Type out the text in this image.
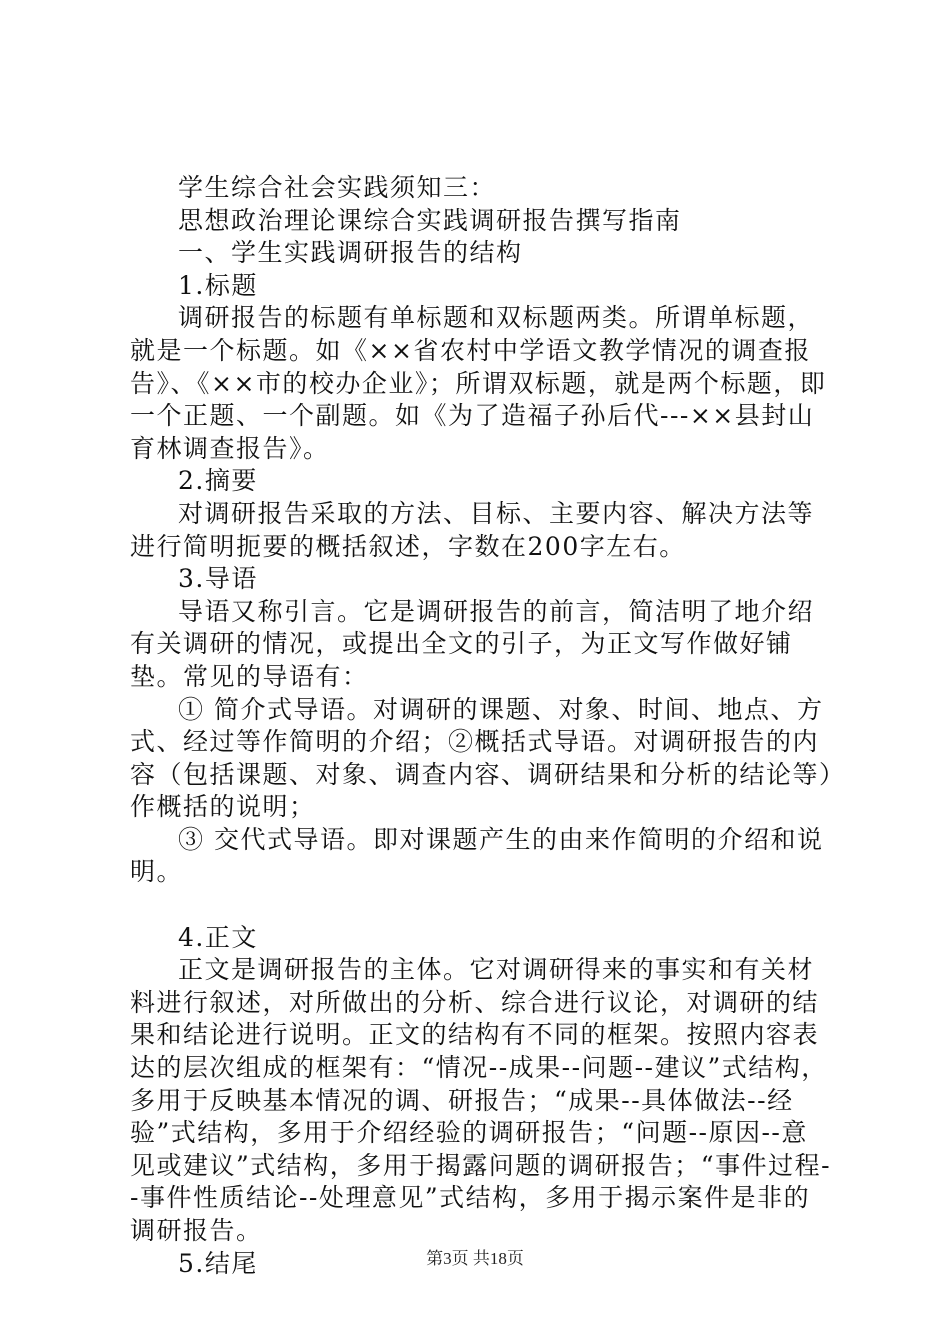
学生综合社会实践须知三：

思想政治理论课综合实践调研报告撰写指南

一、学生实践调研报告的结构

1.标题

调研报告的标题有单标题和双标题两类。所谓单标题，就是一个标题。如《××省农村中学语文教学情况的调查报告》、《××市的校办企业》；所谓双标题，就是两个标题，即一个正题、一个副题。如《为了造福子孙后代---××县封山育林调查报告》。

2.摘要

对调研报告采取的方法、目标、主要内容、解决方法等进行简明扼要的概括叙述，字数在200字左右。

3.导语

导语又称引言。它是调研报告的前言，简洁明了地介绍有关调研的情况，或提出全文的引子，为正文写作做好铺垫。常见的导语有：

① 简介式导语。对调研的课题、对象、时间、地点、方式、经过等作简明的介绍；②概括式导语。对调研报告的内容（包括课题、对象、调查内容、调研结果和分析的结论等）作概括的说明；

③ 交代式导语。即对课题产生的由来作简明的介绍和说明。

4.正文

正文是调研报告的主体。它对调研得来的事实和有关材料进行叙述，对所做出的分析、综合进行议论，对调研的结果和结论进行说明。正文的结构有不同的框架。按照内容表达的层次组成的框架有：“情况--成果--问题--建议”式结构，多用于反映基本情况的调、研报告；“成果--具体做法--经验”式结构，多用于介绍经验的调研报告；“问题--原因--意见或建议”式结构，多用于揭露问题的调研报告；“事件过程--事件性质结论--处理意见”式结构，多用于揭示案件是非的调研报告。

5.结尾	第3页 共18页
